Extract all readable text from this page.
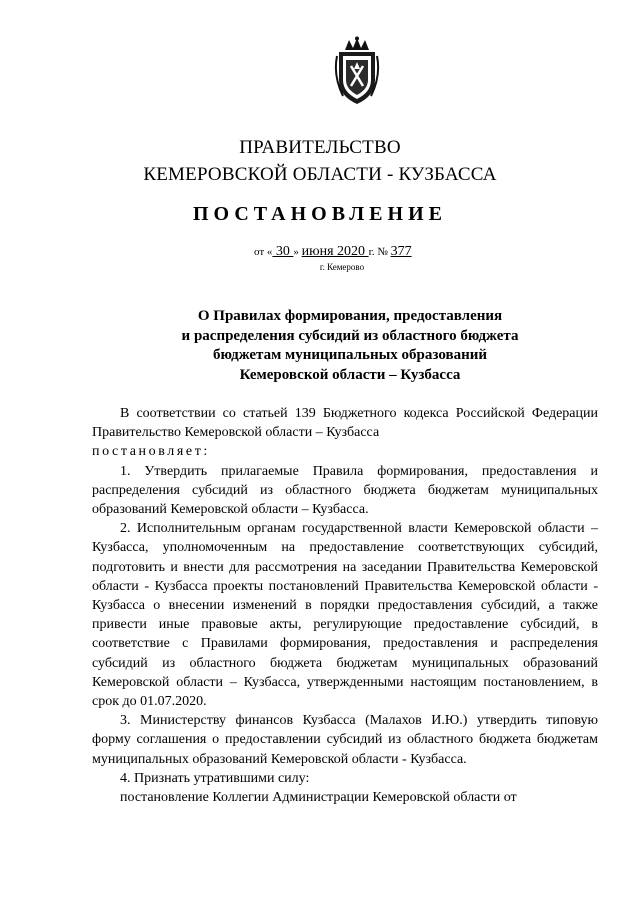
ПРАВИТЕЛЬСТВО
КЕМЕРОВСКОЙ ОБЛАСТИ - КУЗБАССА
ПОСТАНОВЛЕНИЕ
от « 30 » июня 2020 г. № 377
г. Кемерово
О Правилах формирования, предоставления
и распределения субсидий из областного бюджета
бюджетам муниципальных образований
Кемеровской области – Кузбасса

В соответствии со статьей 139 Бюджетного кодекса Российской Федерации Правительство Кемеровской области – Кузбасса

постановляет:

1. Утвердить прилагаемые Правила формирования, предоставления и распределения субсидий из областного бюджета бюджетам муниципальных образований Кемеровской области – Кузбасса.

2. Исполнительным органам государственной власти Кемеровской области – Кузбасса, уполномоченным на предоставление соответствующих субсидий, подготовить и внести для рассмотрения на заседании Правительства Кемеровской области - Кузбасса проекты постановлений Правительства Кемеровской области - Кузбасса о внесении изменений в порядки предоставления субсидий, а также привести иные правовые акты, регулирующие предоставление субсидий, в соответствие с Правилами формирования, предоставления и распределения субсидий из областного бюджета бюджетам муниципальных образований Кемеровской области – Кузбасса, утвержденными настоящим постановлением, в срок до 01.07.2020.

3. Министерству финансов Кузбасса (Малахов И.Ю.) утвердить типовую форму соглашения о предоставлении субсидий из областного бюджета бюджетам муниципальных образований Кемеровской области - Кузбасса.

4. Признать утратившими силу:

постановление Коллегии Администрации Кемеровской области от
